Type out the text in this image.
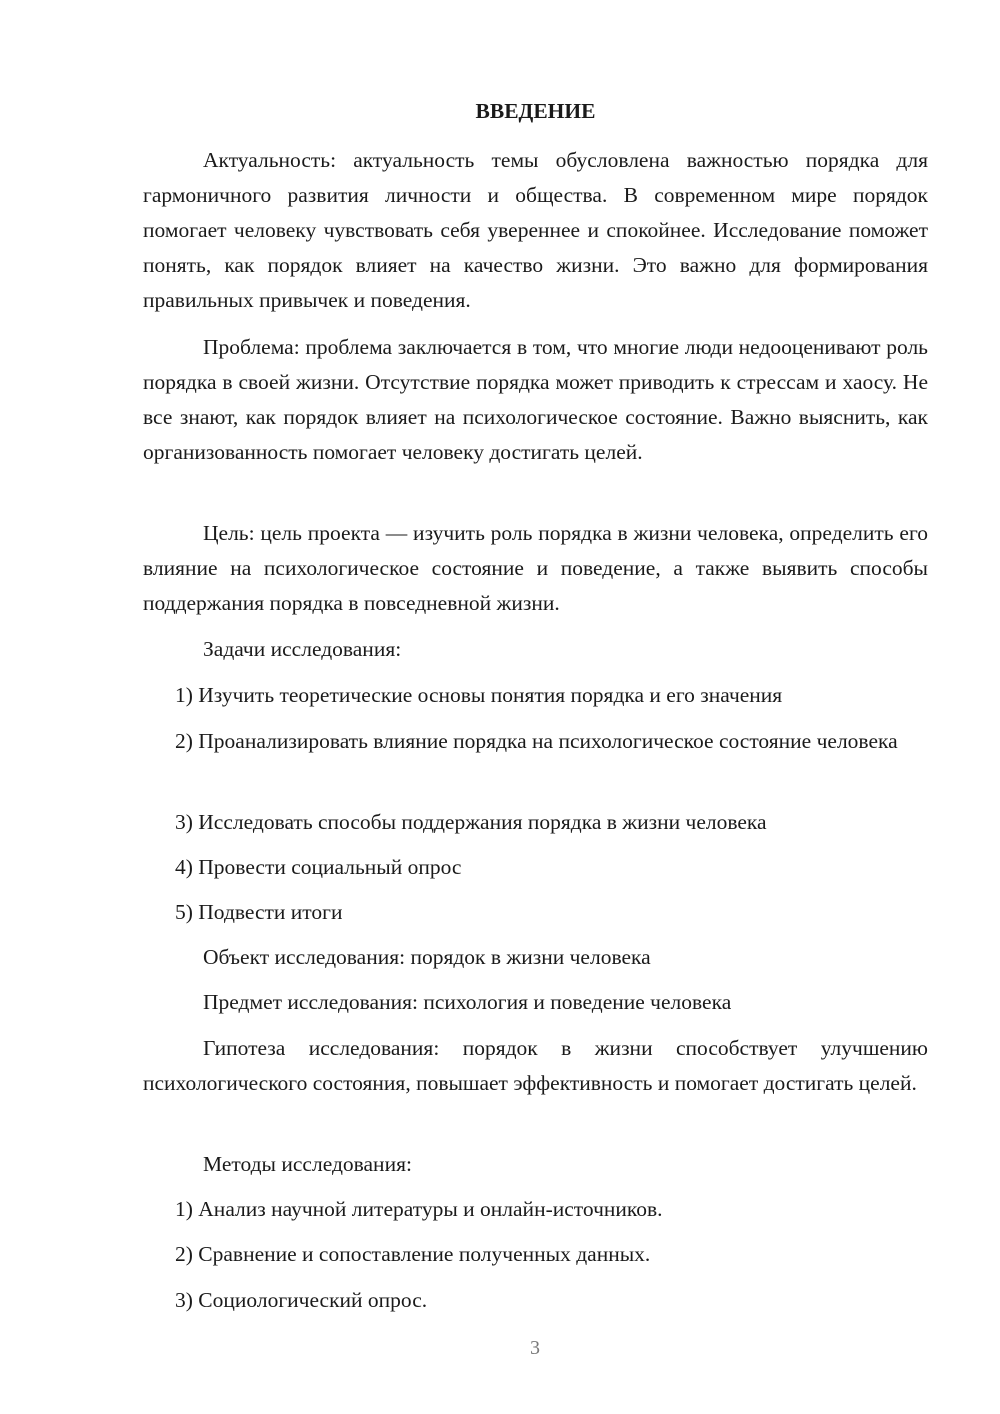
ВВЕДЕНИЕ

Актуальность: актуальность темы обусловлена важностью порядка для гармоничного развития личности и общества. В современном мире порядок помогает человеку чувствовать себя увереннее и спокойнее. Исследование поможет понять, как порядок влияет на качество жизни. Это важно для формирования правильных привычек и поведения.

Проблема: проблема заключается в том, что многие люди недооценивают роль порядка в своей жизни. Отсутствие порядка может приводить к стрессам и хаосу. Не все знают, как порядок влияет на психологическое состояние. Важно выяснить, как организованность помогает человеку достигать целей.

Цель: цель проекта — изучить роль порядка в жизни человека, определить его влияние на психологическое состояние и поведение, а также выявить способы поддержания порядка в повседневной жизни.

Задачи исследования:

1) Изучить теоретические основы понятия порядка и его значения

2) Проанализировать влияние порядка на психологическое состояние человека

3) Исследовать способы поддержания порядка в жизни человека

4) Провести социальный опрос

5) Подвести итоги

Объект исследования: порядок в жизни человека

Предмет исследования: психология и поведение человека

Гипотеза исследования: порядок в жизни способствует улучшению психологического состояния, повышает эффективность и помогает достигать целей.

Методы исследования:

1) Анализ научной литературы и онлайн-источников.

2) Сравнение и сопоставление полученных данных.

3) Социологический опрос.

3
